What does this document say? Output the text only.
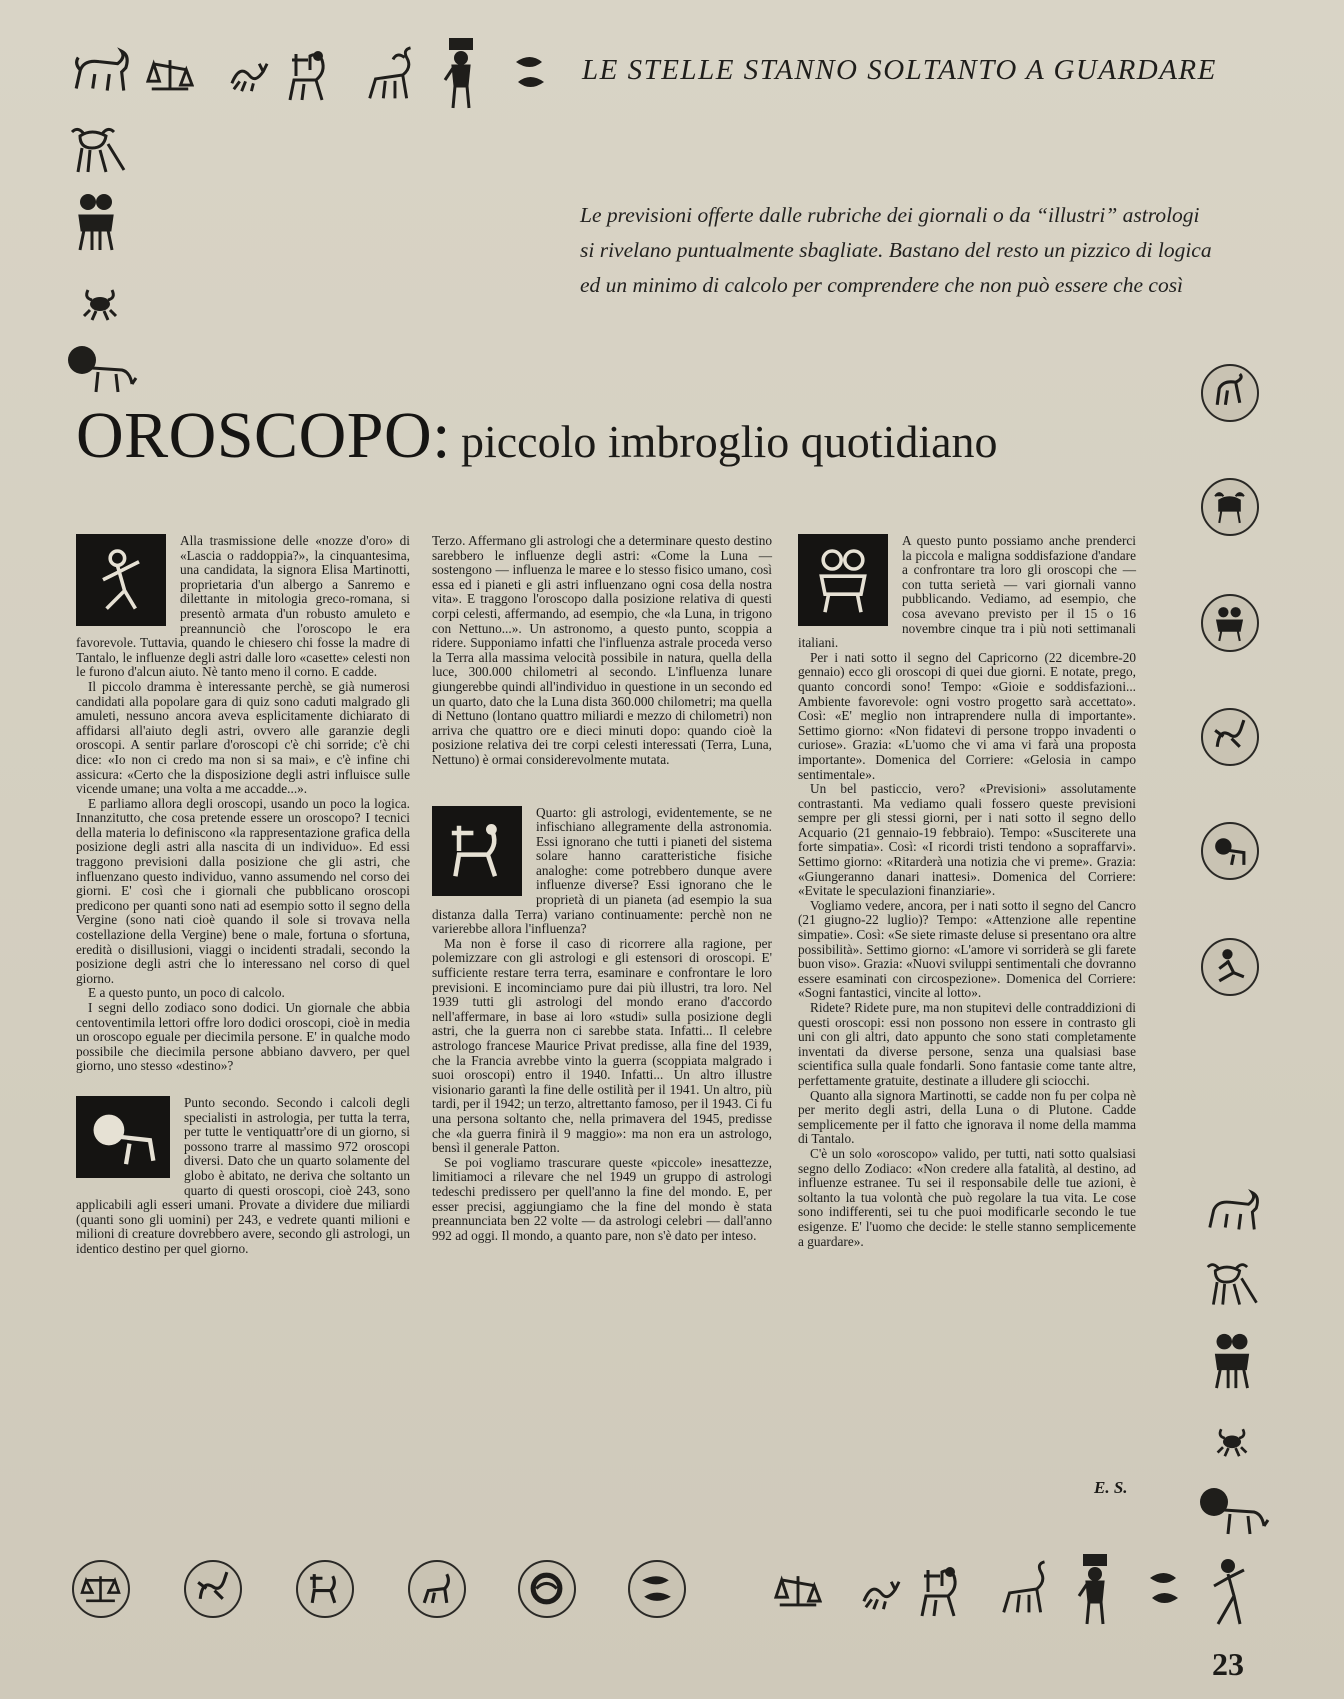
LE STELLE STANNO SOLTANTO A GUARDARE

Le previsioni offerte dalle rubriche dei giornali o da “illustri” astrologi

si rivelano puntualmente sbagliate. Bastano del resto un pizzico di logica

ed un minimo di calcolo per comprendere che non può essere che così

OROSCOPO: piccolo imbroglio quotidiano

Alla trasmissione delle «nozze d'oro» di «Lascia o raddoppia?», la cinquantesima, una candidata, la signora Elisa Martinotti, proprietaria d'un albergo a Sanremo e dilettante in mitologia greco-romana, si presentò armata d'un robusto amuleto e preannunciò che l'oroscopo le era favorevole. Tuttavia, quando le chiesero chi fosse la madre di Tantalo, le influenze degli astri dalle loro «casette» celesti non le furono d'alcun aiuto. Nè tanto meno il corno. E cadde.

Il piccolo dramma è interessante perchè, se già numerosi candidati alla popolare gara di quiz sono caduti malgrado gli amuleti, nessuno ancora aveva esplicitamente dichiarato di affidarsi all'aiuto degli astri, ovvero alle garanzie degli oroscopi. A sentir parlare d'oroscopi c'è chi sorride; c'è chi dice: «Io non ci credo ma non si sa mai», e c'è infine chi assicura: «Certo che la disposizione degli astri influisce sulle vicende umane; una volta a me accadde...».

E parliamo allora degli oroscopi, usando un poco la logica. Innanzitutto, che cosa pretende essere un oroscopo? I tecnici della materia lo definiscono «la rappresentazione grafica della posizione degli astri alla nascita di un individuo». Ed essi traggono previsioni dalla posizione che gli astri, che influenzano questo individuo, vanno assumendo nel corso dei giorni. E' così che i giornali che pubblicano oroscopi predicono per quanti sono nati ad esempio sotto il segno della Vergine (sono nati cioè quando il sole si trovava nella costellazione della Vergine) bene o male, fortuna o sfortuna, eredità o disillusioni, viaggi o incidenti stradali, secondo la posizione degli astri che lo interessano nel corso di quel giorno.

E a questo punto, un poco di calcolo.

I segni dello zodiaco sono dodici. Un giornale che abbia centoventimila lettori offre loro dodici oroscopi, cioè in media un oroscopo eguale per diecimila persone. E' in qualche modo possibile che diecimila persone abbiano davvero, per quel giorno, uno stesso «destino»?

Punto secondo. Secondo i calcoli degli specialisti in astrologia, per tutta la terra, per tutte le ventiquattr'ore di un giorno, si possono trarre al massimo 972 oroscopi diversi. Dato che un quarto solamente del globo è abitato, ne deriva che soltanto un quarto di questi oroscopi, cioè 243, sono applicabili agli esseri umani. Provate a dividere due miliardi (quanti sono gli uomini) per 243, e vedrete quanti milioni e milioni di creature dovrebbero avere, secondo gli astrologi, un identico destino per quel giorno.

Terzo. Affermano gli astrologi che a determinare questo destino sarebbero le influenze degli astri: «Come la Luna — sostengono — influenza le maree e lo stesso fisico umano, così essa ed i pianeti e gli astri influenzano ogni cosa della nostra vita». E traggono l'oroscopo dalla posizione relativa di questi corpi celesti, affermando, ad esempio, che «la Luna, in trigono con Nettuno...». Un astronomo, a questo punto, scoppia a ridere. Supponiamo infatti che l'influenza astrale proceda verso la Terra alla massima velocità possibile in natura, quella della luce, 300.000 chilometri al secondo. L'influenza lunare giungerebbe quindi all'individuo in questione in un secondo ed un quarto, dato che la Luna dista 360.000 chilometri; ma quella di Nettuno (lontano quattro miliardi e mezzo di chilometri) non arriva che quattro ore e dieci minuti dopo: quando cioè la posizione relativa dei tre corpi celesti interessati (Terra, Luna, Nettuno) è ormai considerevolmente mutata.

Quarto: gli astrologi, evidentemente, se ne infischiano allegramente della astronomia. Essi ignorano che tutti i pianeti del sistema solare hanno caratteristiche fisiche analoghe: come potrebbero dunque avere influenze diverse? Essi ignorano che le proprietà di un pianeta (ad esempio la sua distanza dalla Terra) variano continuamente: perchè non ne varierebbe allora l'influenza?

Ma non è forse il caso di ricorrere alla ragione, per polemizzare con gli astrologi e gli estensori di oroscopi. E' sufficiente restare terra terra, esaminare e confrontare le loro previsioni. E incominciamo pure dai più illustri, tra loro. Nel 1939 tutti gli astrologi del mondo erano d'accordo nell'affermare, in base ai loro «studi» sulla posizione degli astri, che la guerra non ci sarebbe stata. Infatti... Il celebre astrologo francese Maurice Privat predisse, alla fine del 1939, che la Francia avrebbe vinto la guerra (scoppiata malgrado i suoi oroscopi) entro il 1940. Infatti... Un altro illustre visionario garantì la fine delle ostilità per il 1941. Un altro, più tardi, per il 1942; un terzo, altrettanto famoso, per il 1943. Ci fu una persona soltanto che, nella primavera del 1945, predisse che «la guerra finirà il 9 maggio»: ma non era un astrologo, bensì il generale Patton.

Se poi vogliamo trascurare queste «piccole» inesattezze, limitiamoci a rilevare che nel 1949 un gruppo di astrologi tedeschi predissero per quell'anno la fine del mondo. E, per esser precisi, aggiungiamo che la fine del mondo è stata preannunciata ben 22 volte — da astrologi celebri — dall'anno 992 ad oggi. Il mondo, a quanto pare, non s'è dato per inteso.

A questo punto possiamo anche prenderci la piccola e maligna soddisfazione d'andare a confrontare tra loro gli oroscopi che — con tutta serietà — vari giornali vanno pubblicando. Vediamo, ad esempio, che cosa avevano previsto per il 15 o 16 novembre cinque tra i più noti settimanali italiani.

Per i nati sotto il segno del Capricorno (22 dicembre-20 gennaio) ecco gli oroscopi di quei due giorni. E notate, prego, quanto concordi sono! Tempo: «Gioie e soddisfazioni... Ambiente favorevole: ogni vostro progetto sarà accettato». Così: «E' meglio non intraprendere nulla di importante». Settimo giorno: «Non fidatevi di persone troppo invadenti o curiose». Grazia: «L'uomo che vi ama vi farà una proposta importante». Domenica del Corriere: «Gelosia in campo sentimentale».

Un bel pasticcio, vero? «Previsioni» assolutamente contrastanti. Ma vediamo quali fossero queste previsioni sempre per gli stessi giorni, per i nati sotto il segno dello Acquario (21 gennaio-19 febbraio). Tempo: «Susciterete una forte simpatia». Così: «I ricordi tristi tendono a sopraffarvi». Settimo giorno: «Ritarderà una notizia che vi preme». Grazia: «Giungeranno danari inattesi». Domenica del Corriere: «Evitate le speculazioni finanziarie».

Vogliamo vedere, ancora, per i nati sotto il segno del Cancro (21 giugno-22 luglio)? Tempo: «Attenzione alle repentine simpatie». Così: «Se siete rimaste deluse si presentano ora altre possibilità». Settimo giorno: «L'amore vi sorriderà se gli farete buon viso». Grazia: «Nuovi sviluppi sentimentali che dovranno essere esaminati con circospezione». Domenica del Corriere: «Sogni fantastici, vincite al lotto».

Ridete? Ridete pure, ma non stupitevi delle contraddizioni di questi oroscopi: essi non possono non essere in contrasto gli uni con gli altri, dato appunto che sono stati completamente inventati da diverse persone, senza una qualsiasi base scientifica sulla quale fondarli. Sono fantasie come tante altre, perfettamente gratuite, destinate a illudere gli sciocchi.

Quanto alla signora Martinotti, se cadde non fu per colpa nè per merito degli astri, della Luna o di Plutone. Cadde semplicemente per il fatto che ignorava il nome della mamma di Tantalo.

C'è un solo «oroscopo» valido, per tutti, nati sotto qualsiasi segno dello Zodiaco: «Non credere alla fatalità, al destino, ad influenze estranee. Tu sei il responsabile delle tue azioni, è soltanto la tua volontà che può regolare la tua vita. Le cose sono indifferenti, sei tu che puoi modificarle secondo le tue esigenze. E' l'uomo che decide: le stelle stanno semplicemente a guardare».

E. S.
23
